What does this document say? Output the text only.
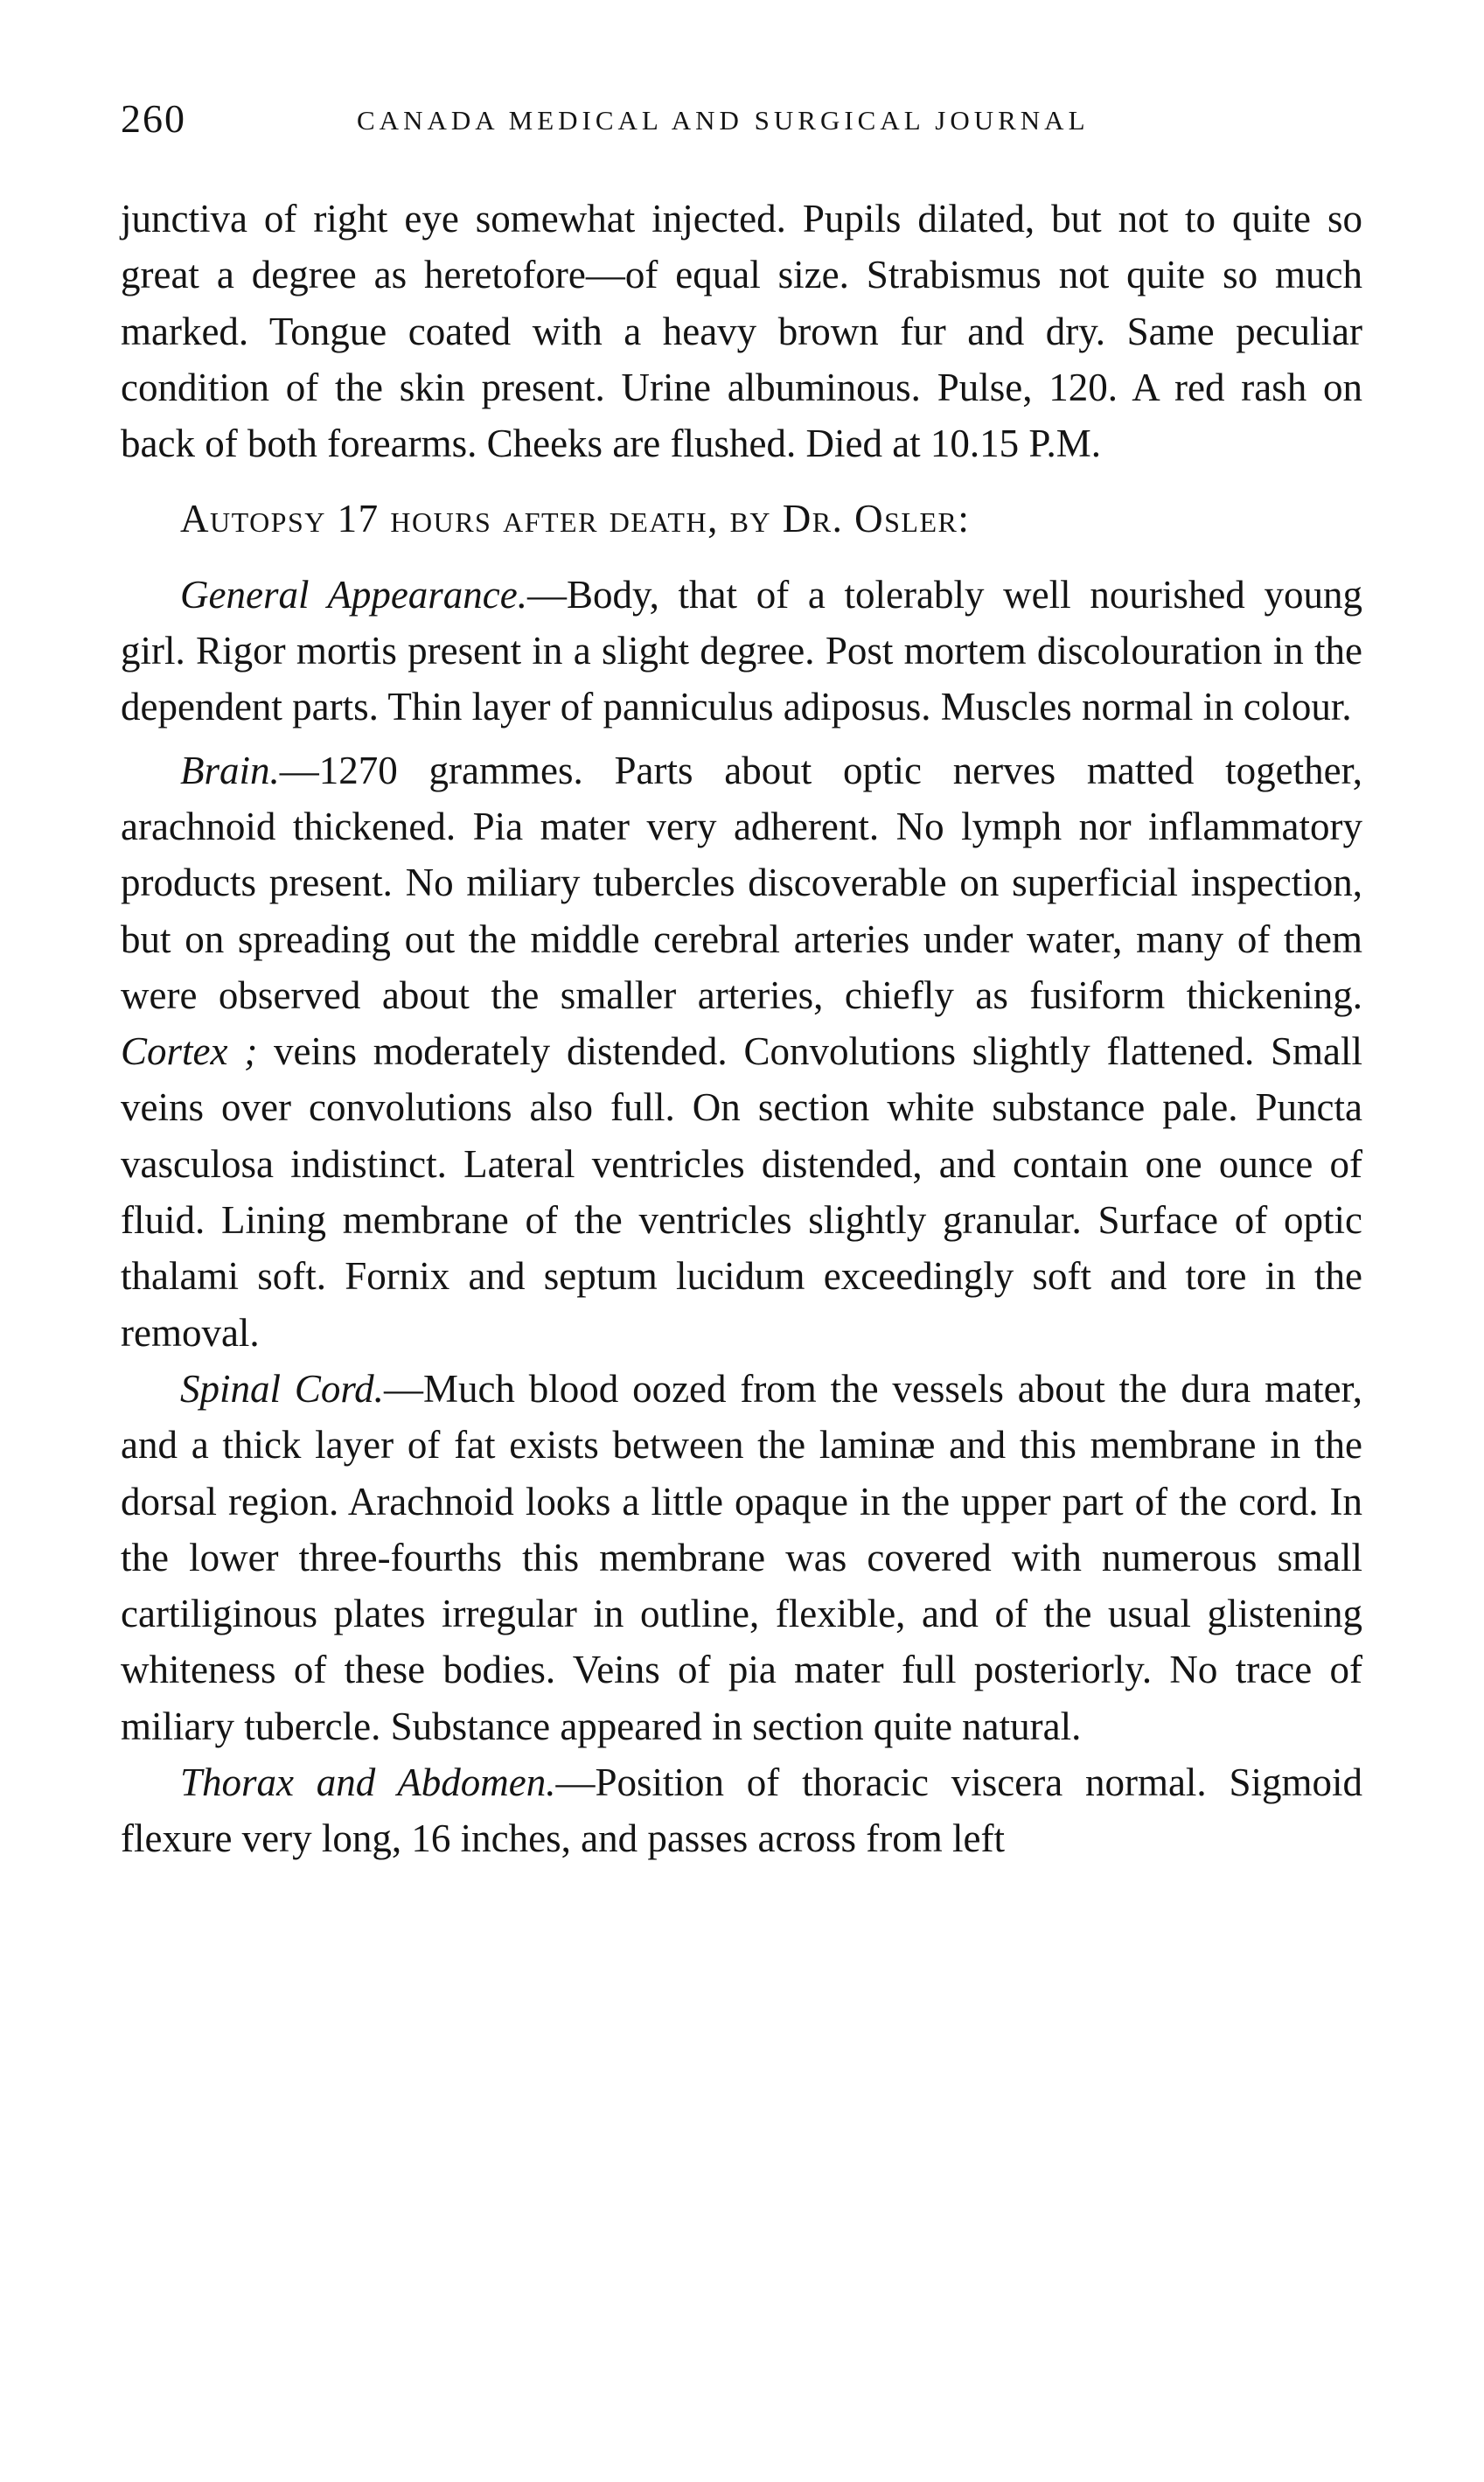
260	CANADA MEDICAL AND SURGICAL JOURNAL

junctiva of right eye somewhat injected. Pupils dilated, but not to quite so great a degree as heretofore—of equal size. Strabismus not quite so much marked. Tongue coated with a heavy brown fur and dry. Same peculiar condition of the skin present. Urine albuminous. Pulse, 120. A red rash on back of both forearms. Cheeks are flushed. Died at 10.15 P.M.

Autopsy 17 hours after death, by Dr. Osler:

General Appearance.—Body, that of a tolerably well nourished young girl. Rigor mortis present in a slight degree. Post mortem discolouration in the dependent parts. Thin layer of panniculus adiposus. Muscles normal in colour.

Brain.—1270 grammes. Parts about optic nerves matted together, arachnoid thickened. Pia mater very adherent. No lymph nor inflammatory products present. No miliary tubercles discoverable on superficial inspection, but on spreading out the middle cerebral arteries under water, many of them were observed about the smaller arteries, chiefly as fusiform thickening. Cortex ; veins moderately distended. Convolutions slightly flattened. Small veins over convolutions also full. On section white substance pale. Puncta vasculosa indistinct. Lateral ventricles distended, and contain one ounce of fluid. Lining membrane of the ventricles slightly granular. Surface of optic thalami soft. Fornix and septum lucidum exceedingly soft and tore in the removal.

Spinal Cord.—Much blood oozed from the vessels about the dura mater, and a thick layer of fat exists between the laminæ and this membrane in the dorsal region. Arachnoid looks a little opaque in the upper part of the cord. In the lower three-fourths this membrane was covered with numerous small cartiliginous plates irregular in outline, flexible, and of the usual glistening whiteness of these bodies. Veins of pia mater full posteriorly. No trace of miliary tubercle. Substance appeared in section quite natural.

Thorax and Abdomen.—Position of thoracic viscera normal. Sigmoid flexure very long, 16 inches, and passes across from left
